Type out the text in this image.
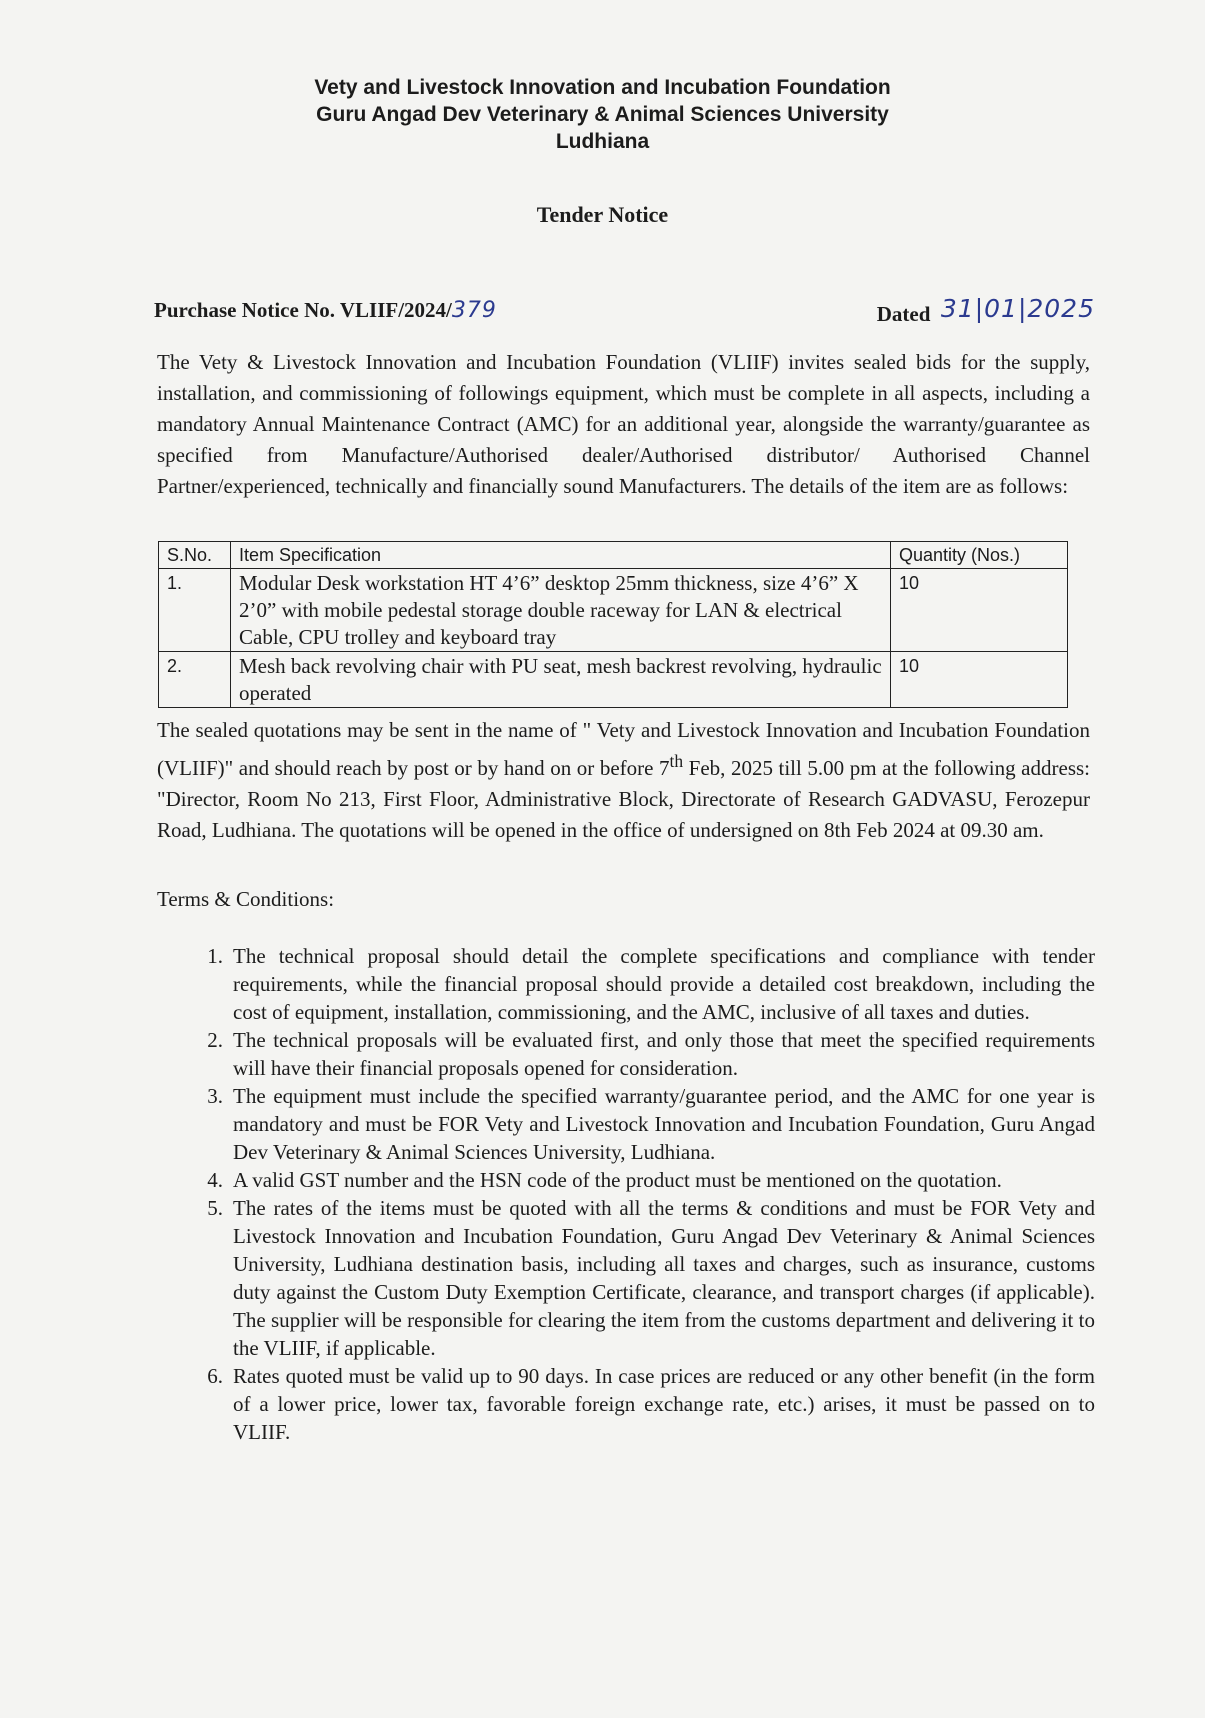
Vety and Livestock Innovation and Incubation Foundation
Guru Angad Dev Veterinary & Animal Sciences University
Ludhiana
Tender Notice
Purchase Notice No. VLIIF/2024/379	Dated 31|01|2025
The Vety & Livestock Innovation and Incubation Foundation (VLIIF) invites sealed bids for the supply, installation, and commissioning of followings equipment, which must be complete in all aspects, including a mandatory Annual Maintenance Contract (AMC) for an additional year, alongside the warranty/guarantee as specified from Manufacture/Authorised dealer/Authorised distributor/ Authorised Channel Partner/experienced, technically and financially sound Manufacturers. The details of the item are as follows:
S.No.	Item Specification	Quantity (Nos.)
1.	Modular Desk workstation HT 4’6” desktop 25mm thickness, size 4’6” X 2’0” with mobile pedestal storage double raceway for LAN & electrical Cable, CPU trolley and keyboard tray	10
2.	Mesh back revolving chair with PU seat, mesh backrest revolving, hydraulic operated	10
The sealed quotations may be sent in the name of " Vety and Livestock Innovation and Incubation Foundation (VLIIF)" and should reach by post or by hand on or before 7th Feb, 2025 till 5.00 pm at the following address: "Director, Room No 213, First Floor, Administrative Block, Directorate of Research GADVASU, Ferozepur Road, Ludhiana. The quotations will be opened in the office of undersigned on 8th Feb 2024 at 09.30 am.
Terms & Conditions:
1. The technical proposal should detail the complete specifications and compliance with tender requirements, while the financial proposal should provide a detailed cost breakdown, including the cost of equipment, installation, commissioning, and the AMC, inclusive of all taxes and duties.
2. The technical proposals will be evaluated first, and only those that meet the specified requirements will have their financial proposals opened for consideration.
3. The equipment must include the specified warranty/guarantee period, and the AMC for one year is mandatory and must be FOR Vety and Livestock Innovation and Incubation Foundation, Guru Angad Dev Veterinary & Animal Sciences University, Ludhiana.
4. A valid GST number and the HSN code of the product must be mentioned on the quotation.
5. The rates of the items must be quoted with all the terms & conditions and must be FOR Vety and Livestock Innovation and Incubation Foundation, Guru Angad Dev Veterinary & Animal Sciences University, Ludhiana destination basis, including all taxes and charges, such as insurance, customs duty against the Custom Duty Exemption Certificate, clearance, and transport charges (if applicable). The supplier will be responsible for clearing the item from the customs department and delivering it to the VLIIF, if applicable.
6. Rates quoted must be valid up to 90 days. In case prices are reduced or any other benefit (in the form of a lower price, lower tax, favorable foreign exchange rate, etc.) arises, it must be passed on to VLIIF.
